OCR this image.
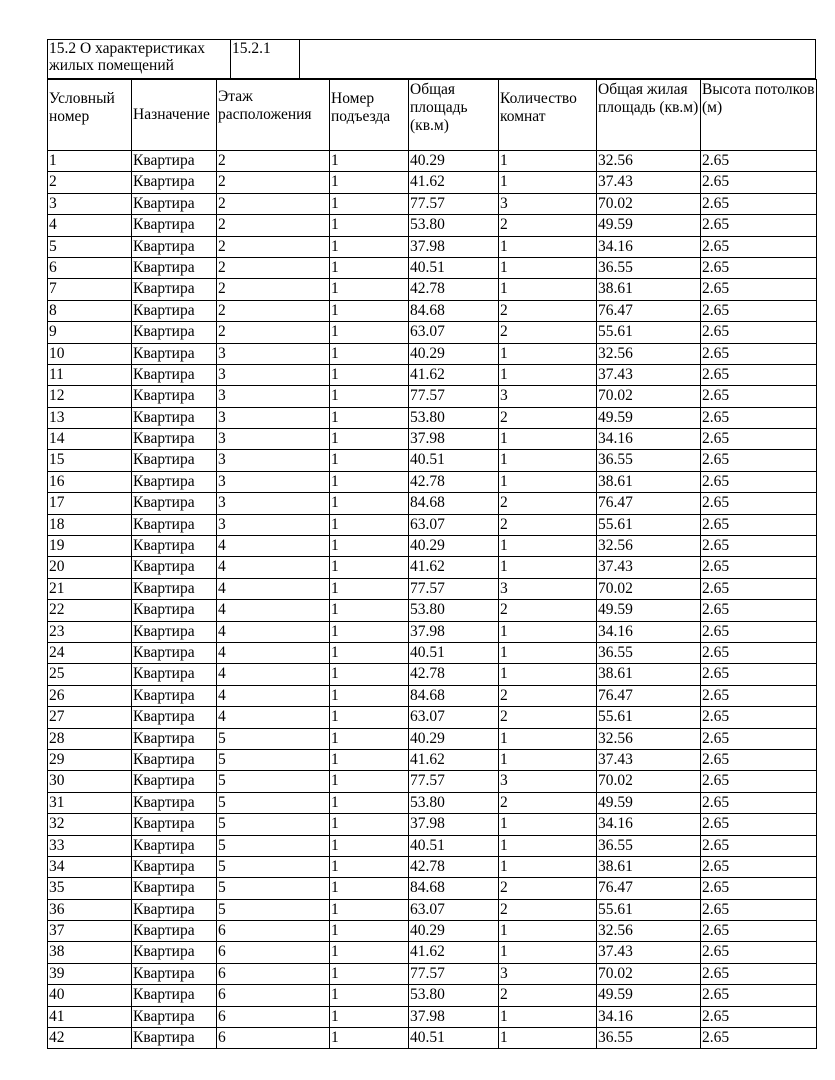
15.2 О характеристиках жилых помещений	15.2.1	
Условный номер	Назначение	Этаж расположения	Номер подъезда	Общая площадь (кв.м)	Количество комнат	Общая жилая площадь (кв.м)	Высота потолков (м)
1	Квартира	2	1	40.29	1	32.56	2.65
2	Квартира	2	1	41.62	1	37.43	2.65
3	Квартира	2	1	77.57	3	70.02	2.65
4	Квартира	2	1	53.80	2	49.59	2.65
5	Квартира	2	1	37.98	1	34.16	2.65
6	Квартира	2	1	40.51	1	36.55	2.65
7	Квартира	2	1	42.78	1	38.61	2.65
8	Квартира	2	1	84.68	2	76.47	2.65
9	Квартира	2	1	63.07	2	55.61	2.65
10	Квартира	3	1	40.29	1	32.56	2.65
11	Квартира	3	1	41.62	1	37.43	2.65
12	Квартира	3	1	77.57	3	70.02	2.65
13	Квартира	3	1	53.80	2	49.59	2.65
14	Квартира	3	1	37.98	1	34.16	2.65
15	Квартира	3	1	40.51	1	36.55	2.65
16	Квартира	3	1	42.78	1	38.61	2.65
17	Квартира	3	1	84.68	2	76.47	2.65
18	Квартира	3	1	63.07	2	55.61	2.65
19	Квартира	4	1	40.29	1	32.56	2.65
20	Квартира	4	1	41.62	1	37.43	2.65
21	Квартира	4	1	77.57	3	70.02	2.65
22	Квартира	4	1	53.80	2	49.59	2.65
23	Квартира	4	1	37.98	1	34.16	2.65
24	Квартира	4	1	40.51	1	36.55	2.65
25	Квартира	4	1	42.78	1	38.61	2.65
26	Квартира	4	1	84.68	2	76.47	2.65
27	Квартира	4	1	63.07	2	55.61	2.65
28	Квартира	5	1	40.29	1	32.56	2.65
29	Квартира	5	1	41.62	1	37.43	2.65
30	Квартира	5	1	77.57	3	70.02	2.65
31	Квартира	5	1	53.80	2	49.59	2.65
32	Квартира	5	1	37.98	1	34.16	2.65
33	Квартира	5	1	40.51	1	36.55	2.65
34	Квартира	5	1	42.78	1	38.61	2.65
35	Квартира	5	1	84.68	2	76.47	2.65
36	Квартира	5	1	63.07	2	55.61	2.65
37	Квартира	6	1	40.29	1	32.56	2.65
38	Квартира	6	1	41.62	1	37.43	2.65
39	Квартира	6	1	77.57	3	70.02	2.65
40	Квартира	6	1	53.80	2	49.59	2.65
41	Квартира	6	1	37.98	1	34.16	2.65
42	Квартира	6	1	40.51	1	36.55	2.65
